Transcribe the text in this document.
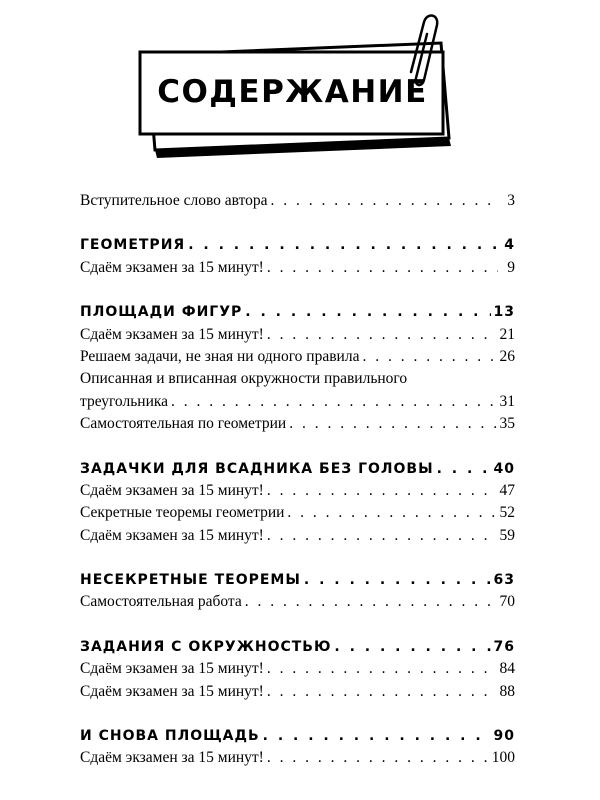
СОДЕРЖАНИЕ
Вступительное слово автора . . .	3
ГЕОМЕТРИЯ . . .	4
Сдаём экзамен за 15 минут! . . .	9
ПЛОЩАДИ ФИГУР . . .	13
Сдаём экзамен за 15 минут! . . .	21
Решаем задачи, не зная ни одного правила . . .	26
Описанная и вписанная окружности правильного
треугольника . . .	31
Самостоятельная по геометрии . . .	35
ЗАДАЧКИ ДЛЯ ВСАДНИКА БЕЗ ГОЛОВЫ . . .	40
Сдаём экзамен за 15 минут! . . .	47
Секретные теоремы геометрии . . .	52
Сдаём экзамен за 15 минут! . . .	59
НЕСЕКРЕТНЫЕ ТЕОРЕМЫ . . .	63
Самостоятельная работа . . .	70
ЗАДАНИЯ С ОКРУЖНОСТЬЮ . . .	76
Сдаём экзамен за 15 минут! . . .	84
Сдаём экзамен за 15 минут! . . .	88
И СНОВА ПЛОЩАДЬ . . .	90
Сдаём экзамен за 15 минут! . . .	100
